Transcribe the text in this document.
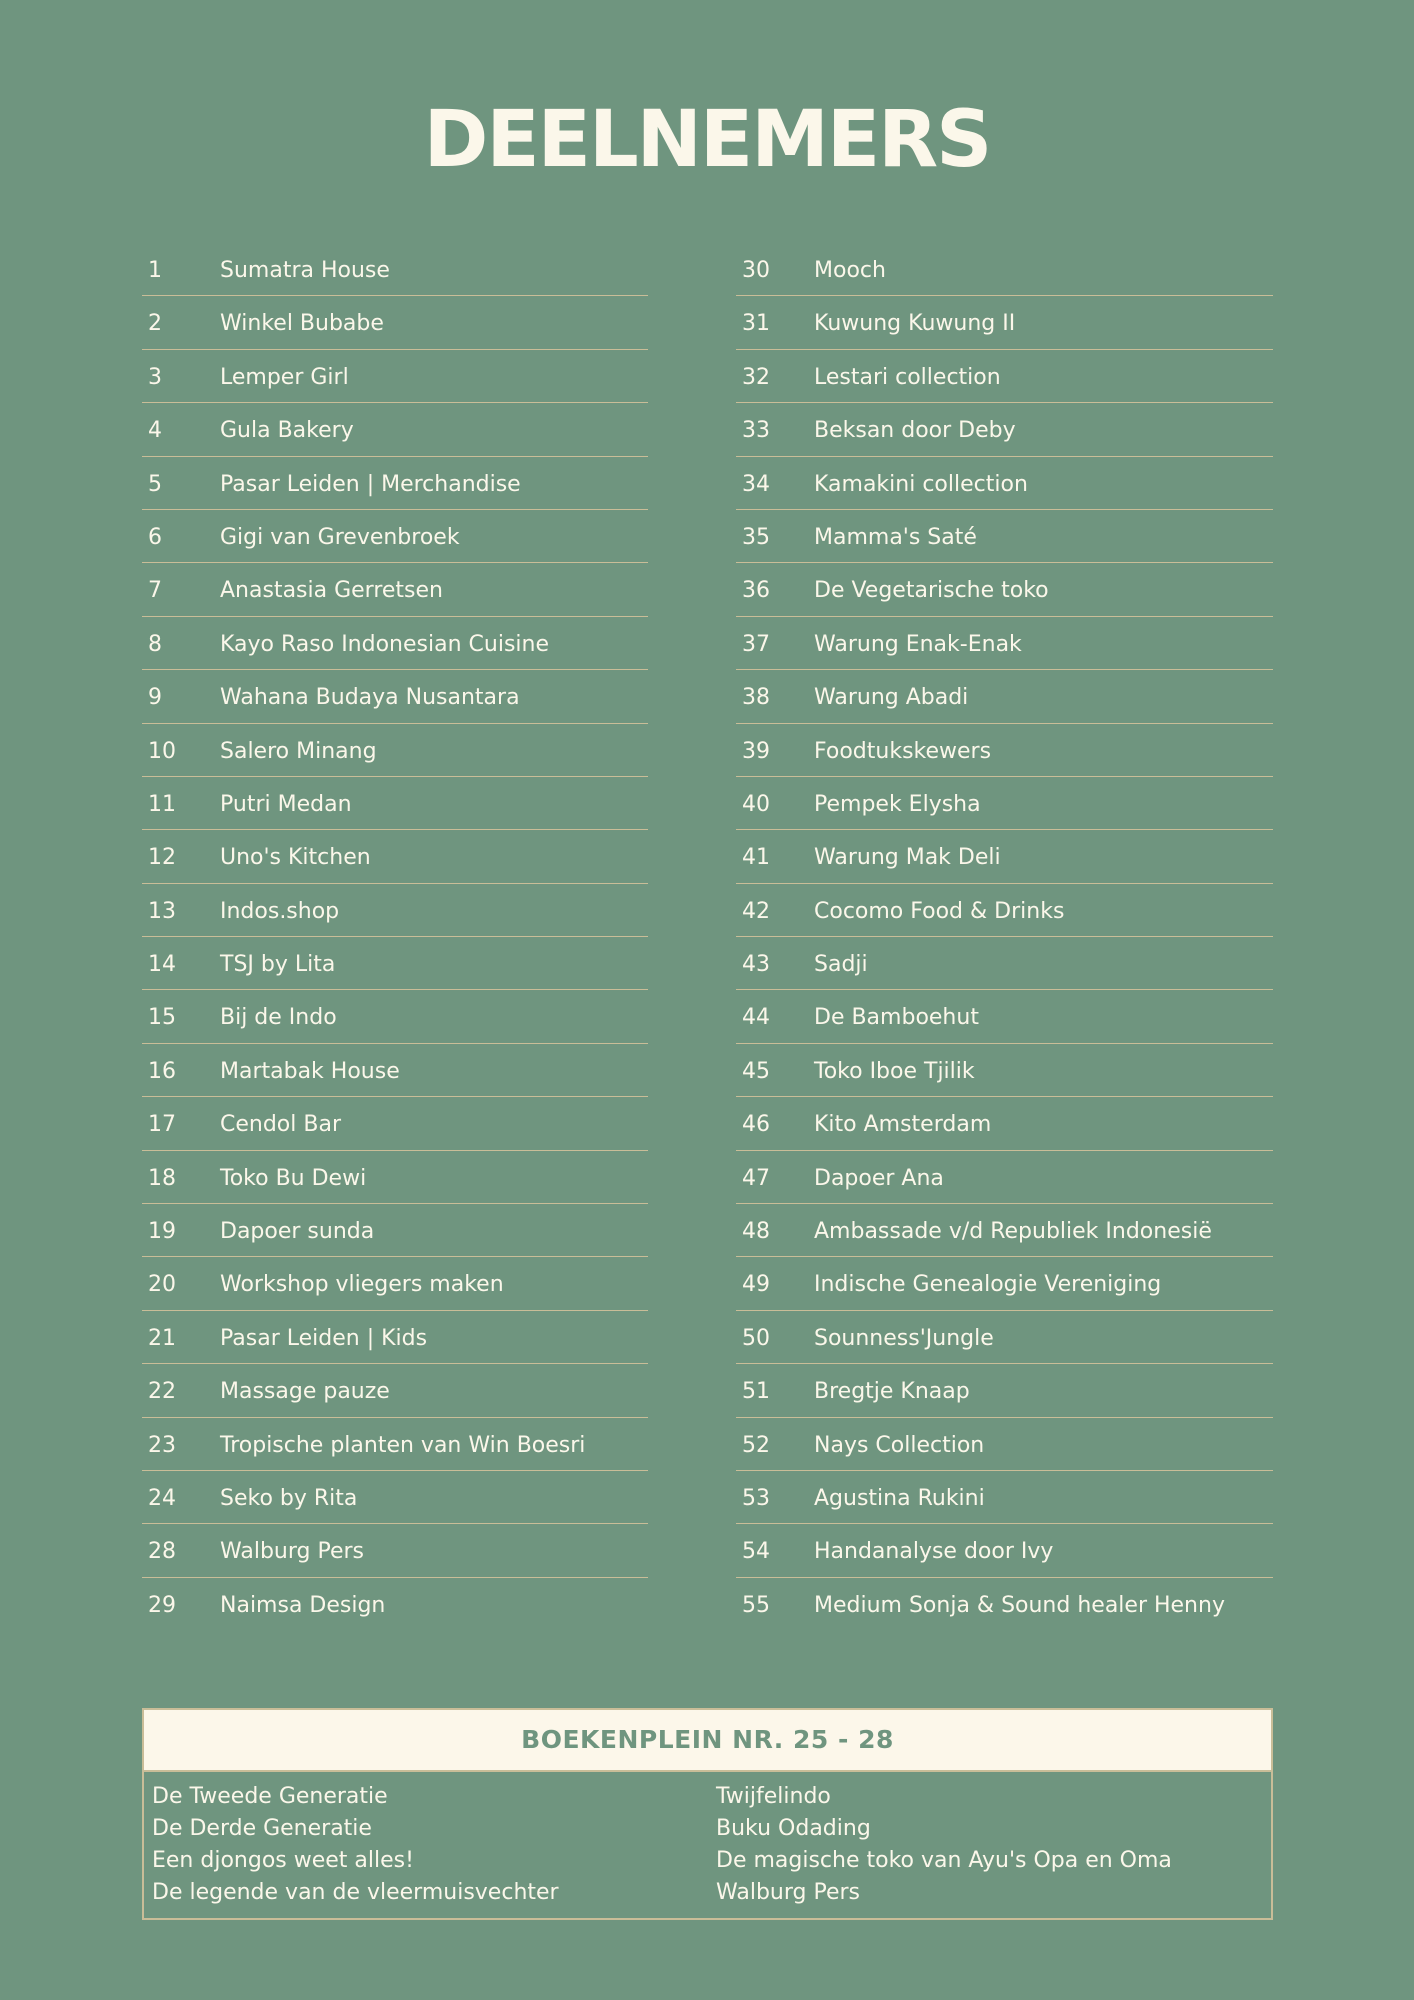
DEELNEMERS
1	Sumatra House
2	Winkel Bubabe
3	Lemper Girl
4	Gula Bakery
5	Pasar Leiden | Merchandise
6	Gigi van Grevenbroek
7	Anastasia Gerretsen
8	Kayo Raso Indonesian Cuisine
9	Wahana Budaya Nusantara
10 Salero Minang
11 Putri Medan
12 Uno's Kitchen
13 Indos.shop
14 TSJ by Lita
15 Bij de Indo
16 Martabak House
17 Cendol Bar
18 Toko Bu Dewi
19 Dapoer sunda
20 Workshop vliegers maken
21 Pasar Leiden | Kids
22 Massage pauze
23 Tropische planten van Win Boesri
24 Seko by Rita
28 Walburg Pers
29 Naimsa Design
30 Mooch
31 Kuwung Kuwung II
32 Lestari collection
33 Beksan door Deby
34 Kamakini collection
35 Mamma's Saté
36 De Vegetarische toko
37 Warung Enak-Enak
38 Warung Abadi
39 Foodtukskewers
40 Pempek Elysha
41 Warung Mak Deli
42 Cocomo Food & Drinks
43 Sadji
44 De Bamboehut
45 Toko Iboe Tjilik
46 Kito Amsterdam
47 Dapoer Ana
48 Ambassade v/d Republiek Indonesië
49 Indische Genealogie Vereniging
50 Sounness'Jungle
51 Bregtje Knaap
52 Nays Collection
53 Agustina Rukini
54 Handanalyse door Ivy
55 Medium Sonja & Sound healer Henny
BOEKENPLEIN NR. 25 - 28
De Tweede Generatie
De Derde Generatie
Een djongos weet alles!
De legende van de vleermuisvechter
Twijfelindo
Buku Odading
De magische toko van Ayu's Opa en Oma
Walburg Pers
